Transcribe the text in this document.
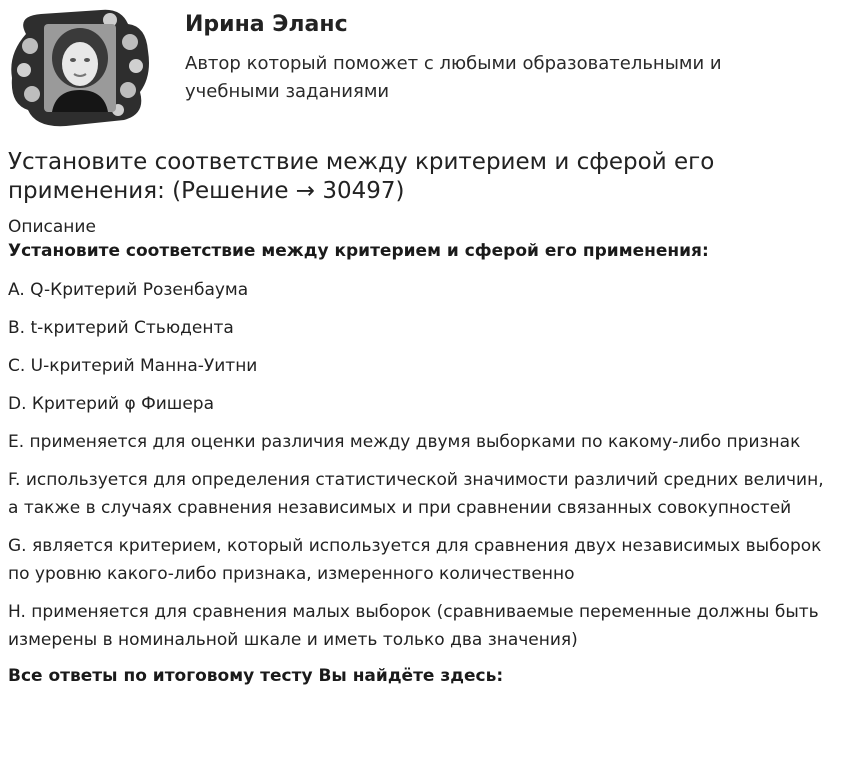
Ирина Эланс
Автор который поможет с любыми образовательными и учебными заданиями
Установите соответствие между критерием и сферой его применения: (Решение → 30497)
Описание
Установите соответствие между критерием и сферой его применения:
A. Q-Критерий Розенбаума
B. t-критерий Стьюдента
C. U-критерий Манна-Уитни
D. Критерий φ Фишера
E. применяется для оценки различия между двумя выборками по какому-либо признак
F. используется для определения статистической значимости различий средних величин, а также в случаях сравнения независимых и при сравнении связанных совокупностей
G. является критерием, который используется для сравнения двух независимых выборок по уровню какого-либо признака, измеренного количественно
H. применяется для сравнения малых выборок (сравниваемые переменные должны быть измерены в номинальной шкале и иметь только два значения)
Все ответы по итоговому тесту Вы найдёте здесь:
